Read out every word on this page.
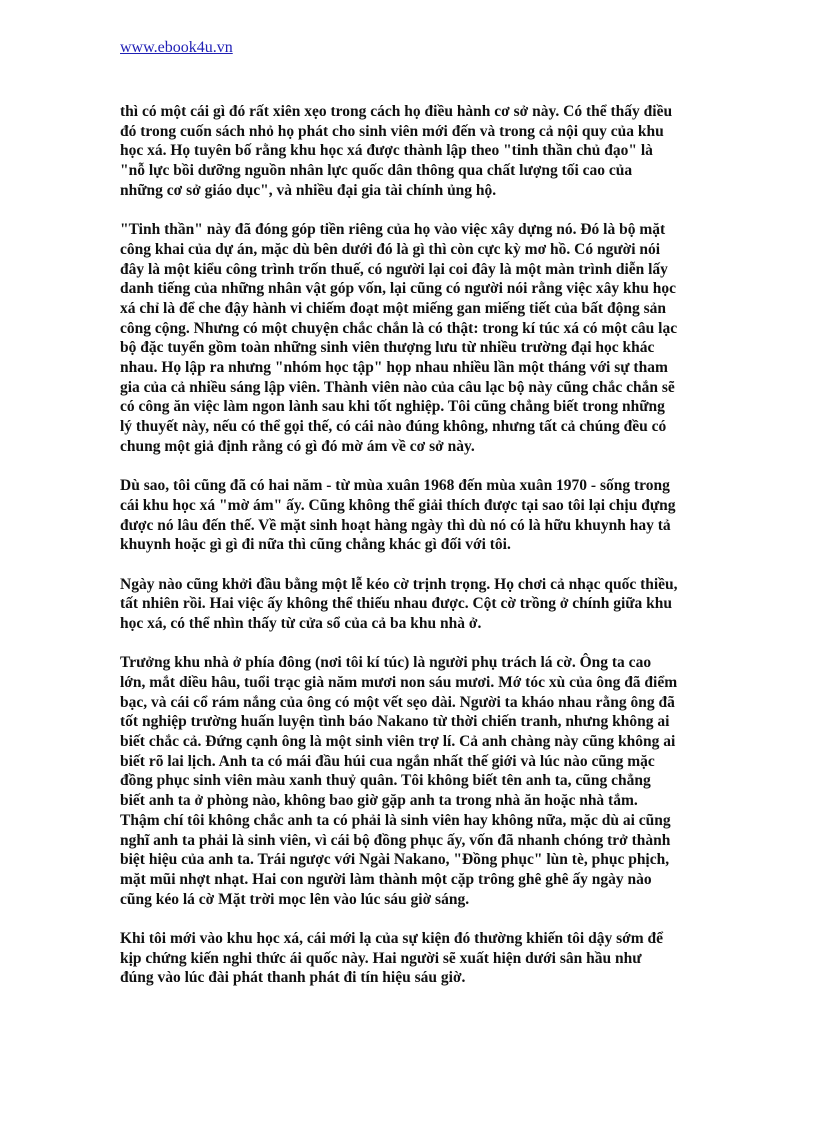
www.ebook4u.vn

thì có một cái gì đó rất xiên xẹo trong cách họ điều hành cơ sở này. Có thể thấy điều
đó trong cuốn sách nhỏ họ phát cho sinh viên mới đến và trong cả nội quy của khu
học xá. Họ tuyên bố rằng khu học xá được thành lập theo "tinh thần chủ đạo" là
"nỗ lực bồi dưỡng nguồn nhân lực quốc dân thông qua chất lượng tối cao của
những cơ sở giáo dục", và nhiều đại gia tài chính ủng hộ.

"Tinh thần" này đã đóng góp tiền riêng của họ vào việc xây dựng nó. Đó là bộ mặt
công khai của dự án, mặc dù bên dưới đó là gì thì còn cực kỳ mơ hồ. Có người nói
đây là một kiểu công trình trốn thuế, có người lại coi đây là một màn trình diễn lấy
danh tiếng của những nhân vật góp vốn, lại cũng có người nói rằng việc xây khu học
xá chỉ là để che đậy hành vi chiếm đoạt một miếng gan miếng tiết của bất động sản
công cộng. Nhưng có một chuyện chắc chắn là có thật: trong kí túc xá có một câu lạc
bộ đặc tuyển gồm toàn những sinh viên thượng lưu từ nhiều trường đại học khác
nhau. Họ lập ra nhưng "nhóm học tập" họp nhau nhiều lần một tháng với sự tham
gia của cả nhiều sáng lập viên. Thành viên nào của câu lạc bộ này cũng chắc chắn sẽ
có công ăn việc làm ngon lành sau khi tốt nghiệp. Tôi cũng chẳng biết trong những
lý thuyết này, nếu có thể gọi thế, có cái nào đúng không, nhưng tất cả chúng đều có
chung một giả định rằng có gì đó mờ ám về cơ sở này.

Dù sao, tôi cũng đã có hai năm - từ mùa xuân 1968 đến mùa xuân 1970 - sống trong
cái khu học xá "mờ ám" ấy. Cũng không thể giải thích được tại sao tôi lại chịu đựng
được nó lâu đến thế. Về mặt sinh hoạt hàng ngày thì dù nó có là hữu khuynh hay tả
khuynh hoặc gì gì đi nữa thì cũng chẳng khác gì đối với tôi.

Ngày nào cũng khởi đầu bằng một lễ kéo cờ trịnh trọng. Họ chơi cả nhạc quốc thiều,
tất nhiên rồi. Hai việc ấy không thể thiếu nhau được. Cột cờ trồng ở chính giữa khu
học xá, có thể nhìn thấy từ cửa sổ của cả ba khu nhà ở.

Trưởng khu nhà ở phía đông (nơi tôi kí túc) là người phụ trách lá cờ. Ông ta cao
lớn, mắt diều hâu, tuổi trạc già năm mươi non sáu mươi. Mớ tóc xù của ông đã điểm
bạc, và cái cổ rám nắng của ông có một vết sẹo dài. Người ta kháo nhau rằng ông đã
tốt nghiệp trường huấn luyện tình báo Nakano từ thời chiến tranh, nhưng không ai
biết chắc cả. Đứng cạnh ông là một sinh viên trợ lí. Cả anh chàng này cũng không ai
biết rõ lai lịch. Anh ta có mái đầu húi cua ngắn nhất thế giới và lúc nào cũng mặc
đồng phục sinh viên màu xanh thuỷ quân. Tôi không biết tên anh ta, cũng chẳng
biết anh ta ở phòng nào, không bao giờ gặp anh ta trong nhà ăn hoặc nhà tắm.
Thậm chí tôi không chắc anh ta có phải là sinh viên hay không nữa, mặc dù ai cũng
nghĩ anh ta phải là sinh viên, vì cái bộ đồng phục ấy, vốn đã nhanh chóng trở thành
biệt hiệu của anh ta. Trái ngược với Ngài Nakano, "Đồng phục" lùn tè, phục phịch,
mặt mũi nhợt nhạt. Hai con người làm thành một cặp trông ghê ghê ấy ngày nào
cũng kéo lá cờ Mặt trời mọc lên vào lúc sáu giờ sáng.

Khi tôi mới vào khu học xá, cái mới lạ của sự kiện đó thường khiến tôi dậy sớm để
kịp chứng kiến nghi thức ái quốc này. Hai người sẽ xuất hiện dưới sân hầu như
đúng vào lúc đài phát thanh phát đi tín hiệu sáu giờ.
